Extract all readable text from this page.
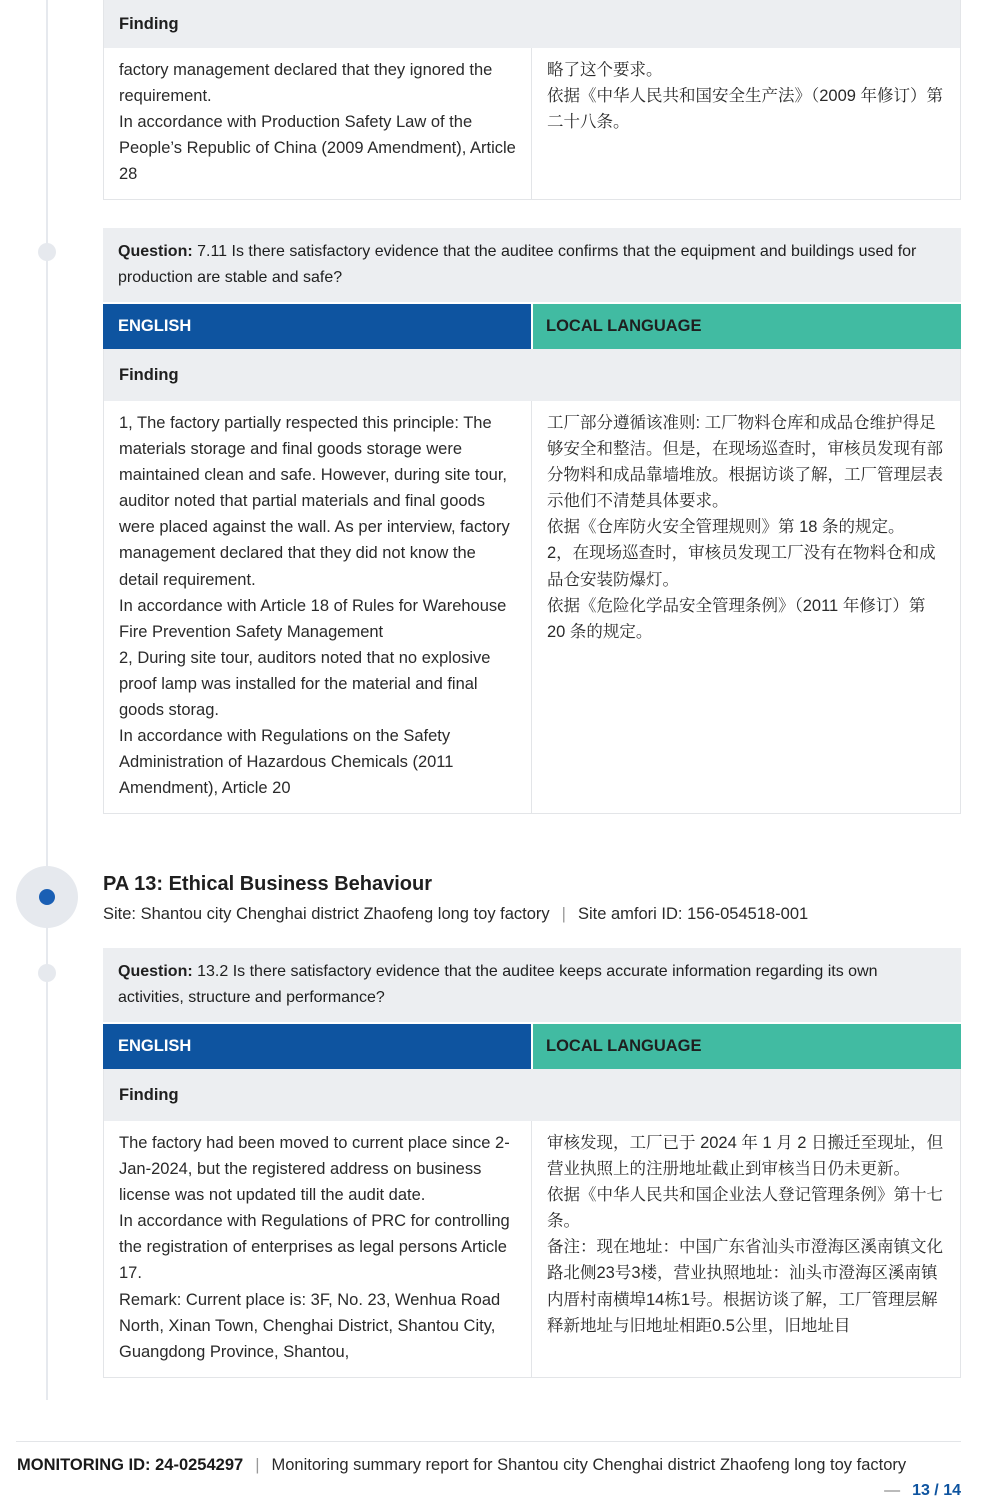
Finding

factory management declared that they ignored the requirement.

In accordance with Production Safety Law of the People’s Republic of China (2009 Amendment), Article 28

略了这个要求。

依据《中华人民共和国安全生产法》（2009 年修订）第二十八条。

Question: 7.11 Is there satisfactory evidence that the auditee confirms that the equipment and buildings used for production are stable and safe?
ENGLISH	LOCAL LANGUAGE
Finding

1, The factory partially respected this principle: The materials storage and final goods storage were maintained clean and safe. However, during site tour, auditor noted that partial materials and final goods were placed against the wall. As per interview, factory management declared that they did not know the detail requirement.

In accordance with Article 18 of Rules for Warehouse Fire Prevention Safety Management

2, During site tour, auditors noted that no explosive proof lamp was installed for the material and final goods storag.

In accordance with Regulations on the Safety Administration of Hazardous Chemicals (2011 Amendment), Article 20

工厂部分遵循该准则: 工厂物料仓库和成品仓维护得足够安全和整洁。但是，在现场巡查时，审核员发现有部分物料和成品靠墙堆放。根据访谈了解，工厂管理层表示他们不清楚具体要求。

依据《仓库防火安全管理规则》第 18 条的规定。

2，在现场巡查时，审核员发现工厂没有在物料仓和成品仓安装防爆灯。

依据《危险化学品安全管理条例》（2011 年修订）第 20 条的规定。

PA 13: Ethical Business Behaviour
Site: Shantou city Chenghai district Zhaofeng long toy factory | Site amfori ID: 156-054518-001
Question: 13.2 Is there satisfactory evidence that the auditee keeps accurate information regarding its own activities, structure and performance?
ENGLISH	LOCAL LANGUAGE
Finding

The factory had been moved to current place since 2-Jan-2024, but the registered address on business license was not updated till the audit date.

In accordance with Regulations of PRC for controlling the registration of enterprises as legal persons Article 17.

Remark: Current place is: 3F, No. 23, Wenhua Road North, Xinan Town, Chenghai District, Shantou City, Guangdong Province, Shantou,

审核发现，工厂已于 2024 年 1 月 2 日搬迁至现址，但营业执照上的注册地址截止到审核当日仍未更新。

依据《中华人民共和国企业法人登记管理条例》第十七条。

备注：现在地址：中国广东省汕头市澄海区溪南镇文化路北侧23号3楼，营业执照地址：汕头市澄海区溪南镇内厝村南横埠14栋1号。根据访谈了解，工厂管理层解释新地址与旧地址相距0.5公里，旧地址目

MONITORING ID: 24-0254297 | Monitoring summary report for Shantou city Chenghai district Zhaofeng long toy factory
— 13 / 14
